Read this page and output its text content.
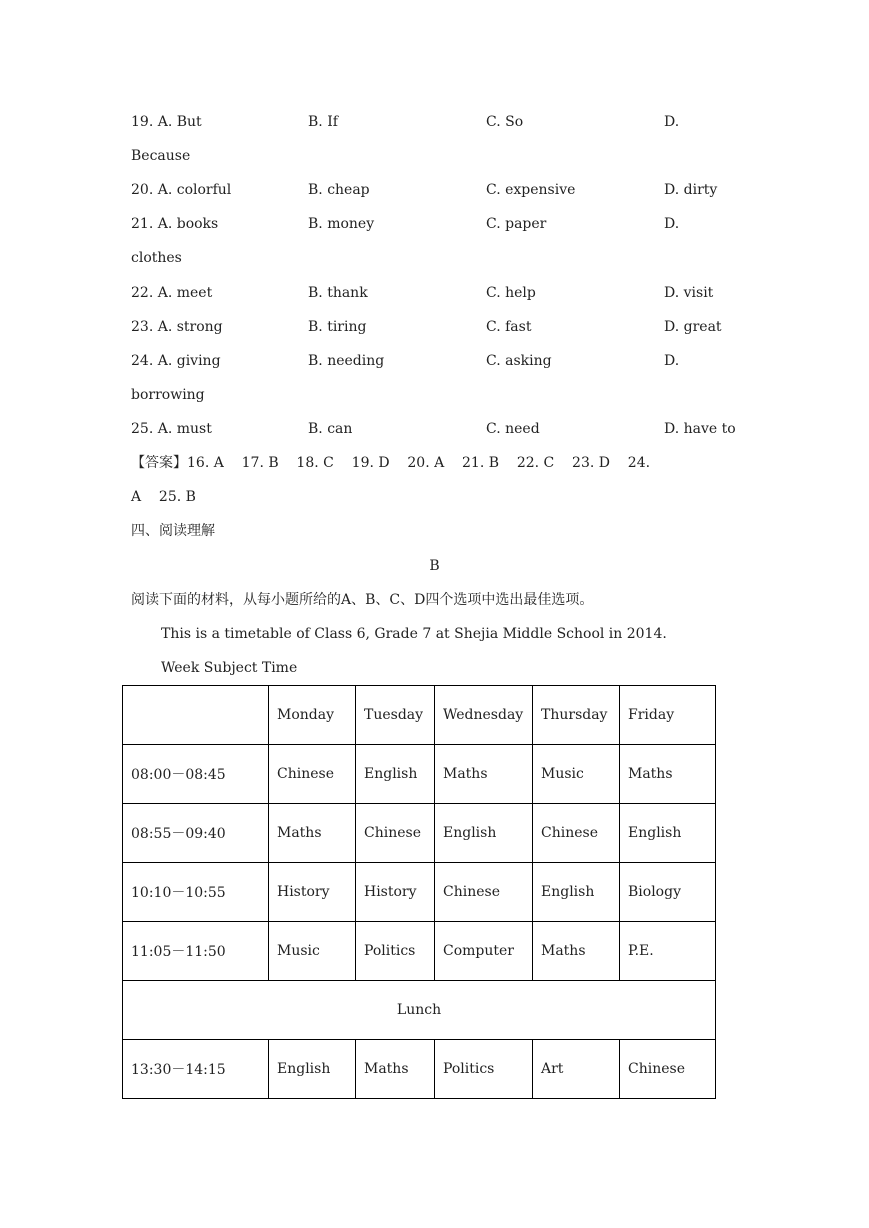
19. A. But	B. If	C. So	D.
Because
20. A. colorful	B. cheap	C. expensive	D. dirty
21. A. books	B. money	C. paper	D.
clothes
22. A. meet	B. thank	C. help	D. visit
23. A. strong	B. tiring	C. fast	D. great
24. A. giving	B. needing	C. asking	D.
borrowing
25. A. must	B. can	C. need	D. have to
【答案】16. A    17. B    18. C    19. D    20. A    21. B    22. C    23. D    24.
A    25. B
四、阅读理解
B
阅读下面的材料，从每小题所给的A、B、C、D四个选项中选出最佳选项。
This is a timetable of Class 6, Grade 7 at Shejia Middle School in 2014.
Week Subject Time
	Monday	Tuesday	Wednesday	Thursday	Friday
08:00－08:45	Chinese	English	Maths	Music	Maths
08:55－09:40	Maths	Chinese	English	Chinese	English
10:10－10:55	History	History	Chinese	English	Biology
11:05－11:50	Music	Politics	Computer	Maths	P.E.
Lunch					
13:30－14:15	English	Maths	Politics	Art	Chinese
